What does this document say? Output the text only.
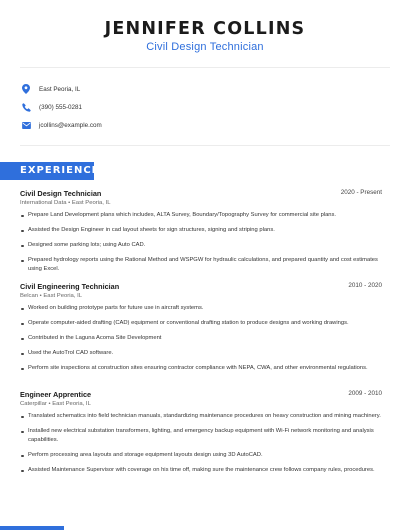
JENNIFER COLLINS
Civil Design Technician
East Peoria, IL
(390) 555-0281
jcollins@example.com
EXPERIENCE
Civil Design Technician	2020 - Present
International Data • East Peoria, IL
Prepare Land Development plans which includes, ALTA Survey, Boundary/Topography Survey for commercial site plans.
Assisted the Design Engineer in cad layout sheets for sign structures, signing and striping plans.
Designed some parking lots; using Auto CAD.
Prepared hydrology reports using the Rational Method and WSPGW for hydraulic calculations, and prepared quantity and cost estimates using Excel.
Civil Engineering Technician	2010 - 2020
Belcan • East Peoria, IL
Worked on building prototype parts for future use in aircraft systems.
Operate computer-aided drafting (CAD) equipment or conventional drafting station to produce designs and working drawings.
Contributed in the Laguna Acoma Site Development
Used the AutoTrol CAD software.
Perform site inspections at construction sites ensuring contractor compliance with NEPA, CWA, and other environmental regulations.
Engineer Apprentice	2009 - 2010
Caterpillar • East Peoria, IL
Translated schematics into field technician manuals, standardizing maintenance procedures on heavy construction and mining machinery.
Installed new electrical substation transformers, lighting, and emergency backup equipment with Wi-Fi network monitoring and analysis capabilities.
Perform processing area layouts and storage equipment layouts design using 3D AutoCAD.
Assisted Maintenance Supervisor with coverage on his time off, making sure the maintenance crew follows company rules, procedures.
